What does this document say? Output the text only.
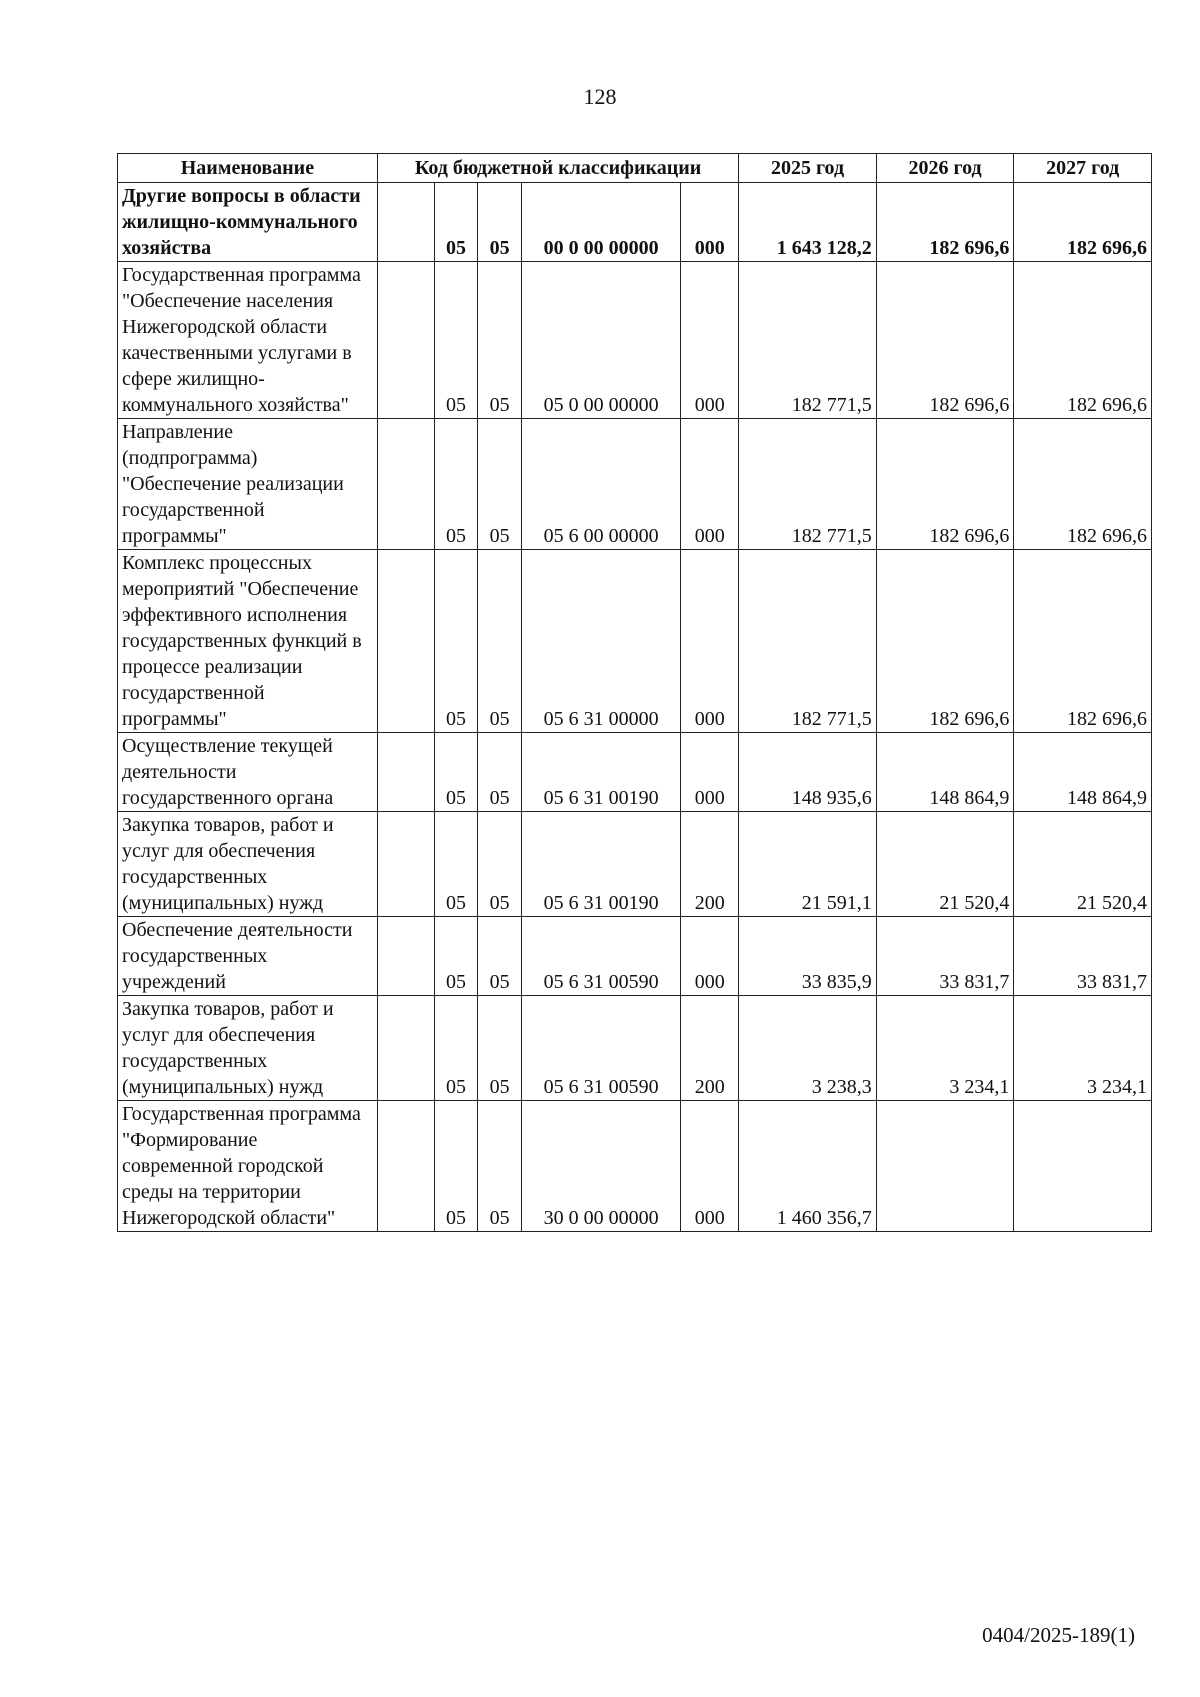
128
Наименование	Код бюджетной классификации					2025 год	2026 год	2027 год
Другие вопросы в области жилищно-коммунального хозяйства		05	05	00 0 00 00000	000	1 643 128,2	182 696,6	182 696,6
Государственная программа "Обеспечение населения Нижегородской области качественными услугами в сфере жилищно-коммунального хозяйства"		05	05	05 0 00 00000	000	182 771,5	182 696,6	182 696,6
Направление (подпрограмма) "Обеспечение реализации государственной программы"		05	05	05 6 00 00000	000	182 771,5	182 696,6	182 696,6
Комплекс процессных мероприятий "Обеспечение эффективного исполнения государственных функций в процессе реализации государственной программы"		05	05	05 6 31 00000	000	182 771,5	182 696,6	182 696,6
Осуществление текущей деятельности государственного органа		05	05	05 6 31 00190	000	148 935,6	148 864,9	148 864,9
Закупка товаров, работ и услуг для обеспечения государственных (муниципальных) нужд		05	05	05 6 31 00190	200	21 591,1	21 520,4	21 520,4
Обеспечение деятельности государственных учреждений		05	05	05 6 31 00590	000	33 835,9	33 831,7	33 831,7
Закупка товаров, работ и услуг для обеспечения государственных (муниципальных) нужд		05	05	05 6 31 00590	200	3 238,3	3 234,1	3 234,1
Государственная программа "Формирование современной городской среды на территории Нижегородской области"		05	05	30 0 00 00000	000	1 460 356,7		
0404/2025-189(1)
